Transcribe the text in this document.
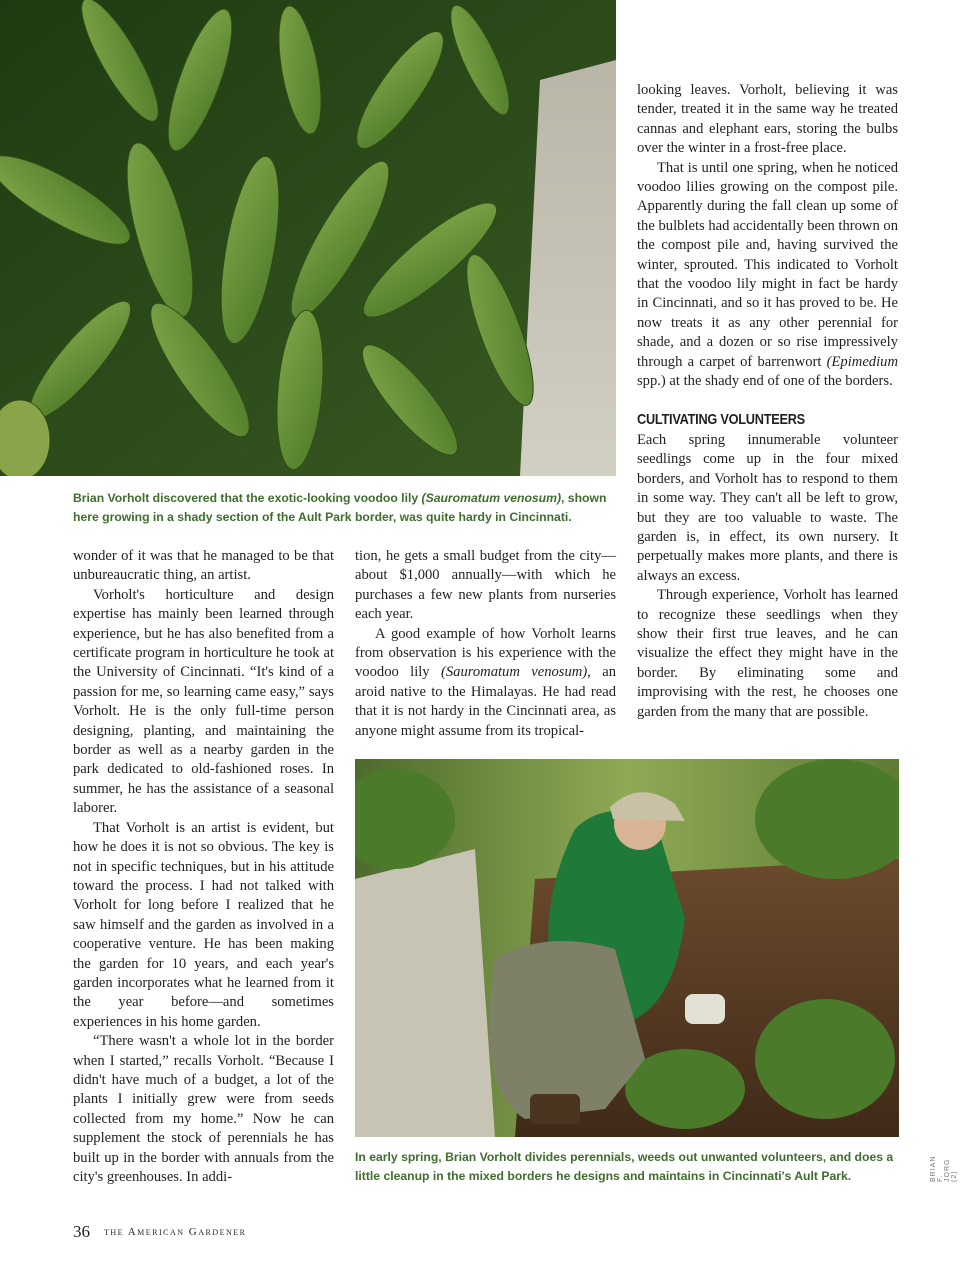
Brian Vorholt discovered that the exotic-looking voodoo lily (Sauromatum venosum), shown here growing in a shady section of the Ault Park border, was quite hardy in Cincinnati.

wonder of it was that he managed to be that unbureaucratic thing, an artist.

Vorholt's horticulture and design expertise has mainly been learned through experience, but he has also benefited from a certificate program in horticulture he took at the University of Cincinnati. “It's kind of a passion for me, so learning came easy,” says Vorholt. He is the only full-time person designing, planting, and maintaining the border as well as a nearby garden in the park dedicated to old-fashioned roses. In summer, he has the assistance of a seasonal laborer.

That Vorholt is an artist is evident, but how he does it is not so obvious. The key is not in specific techniques, but in his attitude toward the process. I had not talked with Vorholt for long before I realized that he saw himself and the garden as involved in a cooperative venture. He has been making the garden for 10 years, and each year's garden incorporates what he learned from it the year before—and sometimes experiences in his home garden.

“There wasn't a whole lot in the border when I started,” recalls Vorholt. “Because I didn't have much of a budget, a lot of the plants I initially grew were from seeds collected from my home.” Now he can supplement the stock of perennials he has built up in the border with annuals from the city's greenhouses. In addi-

tion, he gets a small budget from the city—about $1,000 annually—with which he purchases a few new plants from nurseries each year.

A good example of how Vorholt learns from observation is his experience with the voodoo lily (Sauromatum venosum), an aroid native to the Himalayas. He had read that it is not hardy in the Cincinnati area, as anyone might assume from its tropical-

looking leaves. Vorholt, believing it was tender, treated it in the same way he treated cannas and elephant ears, storing the bulbs over the winter in a frost-free place.

That is until one spring, when he noticed voodoo lilies growing on the compost pile. Apparently during the fall clean up some of the bulblets had accidentally been thrown on the compost pile and, having survived the winter, sprouted. This indicated to Vorholt that the voodoo lily might in fact be hardy in Cincinnati, and so it has proved to be. He now treats it as any other perennial for shade, and a dozen or so rise impressively through a carpet of barrenwort (Epimedium spp.) at the shady end of one of the borders.

CULTIVATING VOLUNTEERS

Each spring innumerable volunteer seedlings come up in the four mixed borders, and Vorholt has to respond to them in some way. They can't all be left to grow, but they are too valuable to waste. The garden is, in effect, its own nursery. It perpetually makes more plants, and there is always an excess.

Through experience, Vorholt has learned to recognize these seedlings when they show their first true leaves, and he can visualize the effect they might have in the border. By eliminating some and improvising with the rest, he chooses one garden from the many that are possible.

In early spring, Brian Vorholt divides perennials, weeds out unwanted volunteers, and does a little cleanup in the mixed borders he designs and maintains in Cincinnati's Ault Park.	BRIAN F. JORG (2)
36 the American Gardener
